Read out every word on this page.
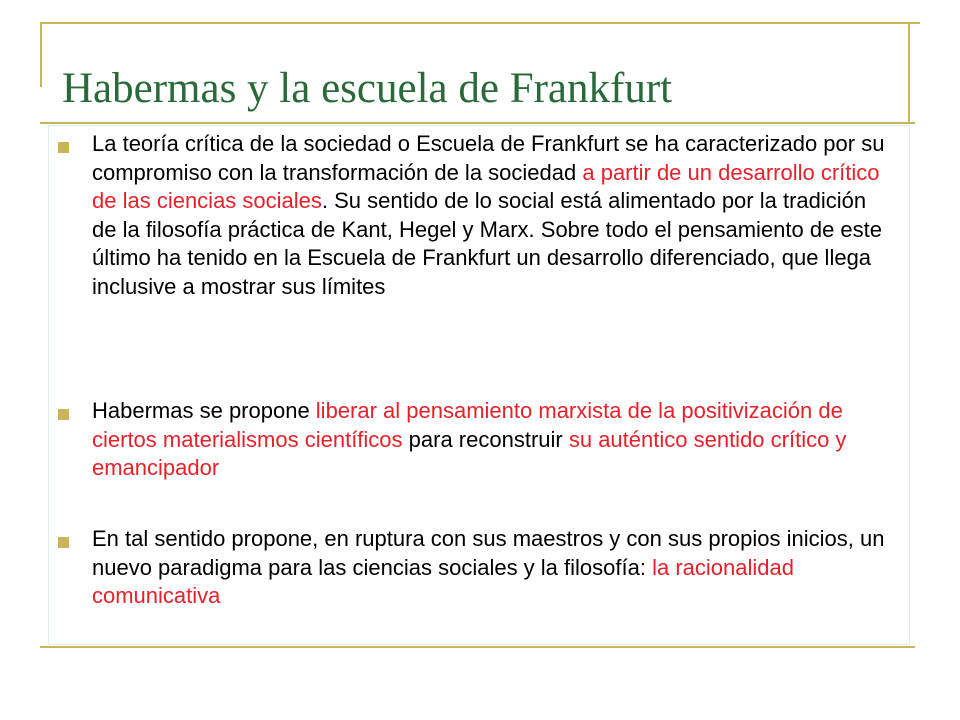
Habermas y la escuela de Frankfurt

La teoría crítica de la sociedad o Escuela de Frankfurt se ha caracterizado por su compromiso con la transformación de la sociedad a partir de un desarrollo crítico de las ciencias sociales. Su sentido de lo social está alimentado por la tradición de la filosofía práctica de Kant, Hegel y Marx. Sobre todo el pensamiento de este último ha tenido en la Escuela de Frankfurt un desarrollo diferenciado, que llega inclusive a mostrar sus límites

Habermas se propone liberar al pensamiento marxista de la positivización de ciertos materialismos científicos para reconstruir su auténtico sentido crítico y emancipador

En tal sentido propone, en ruptura con sus maestros y con sus propios inicios, un nuevo paradigma para las ciencias sociales y la filosofía: la racionalidad comunicativa
